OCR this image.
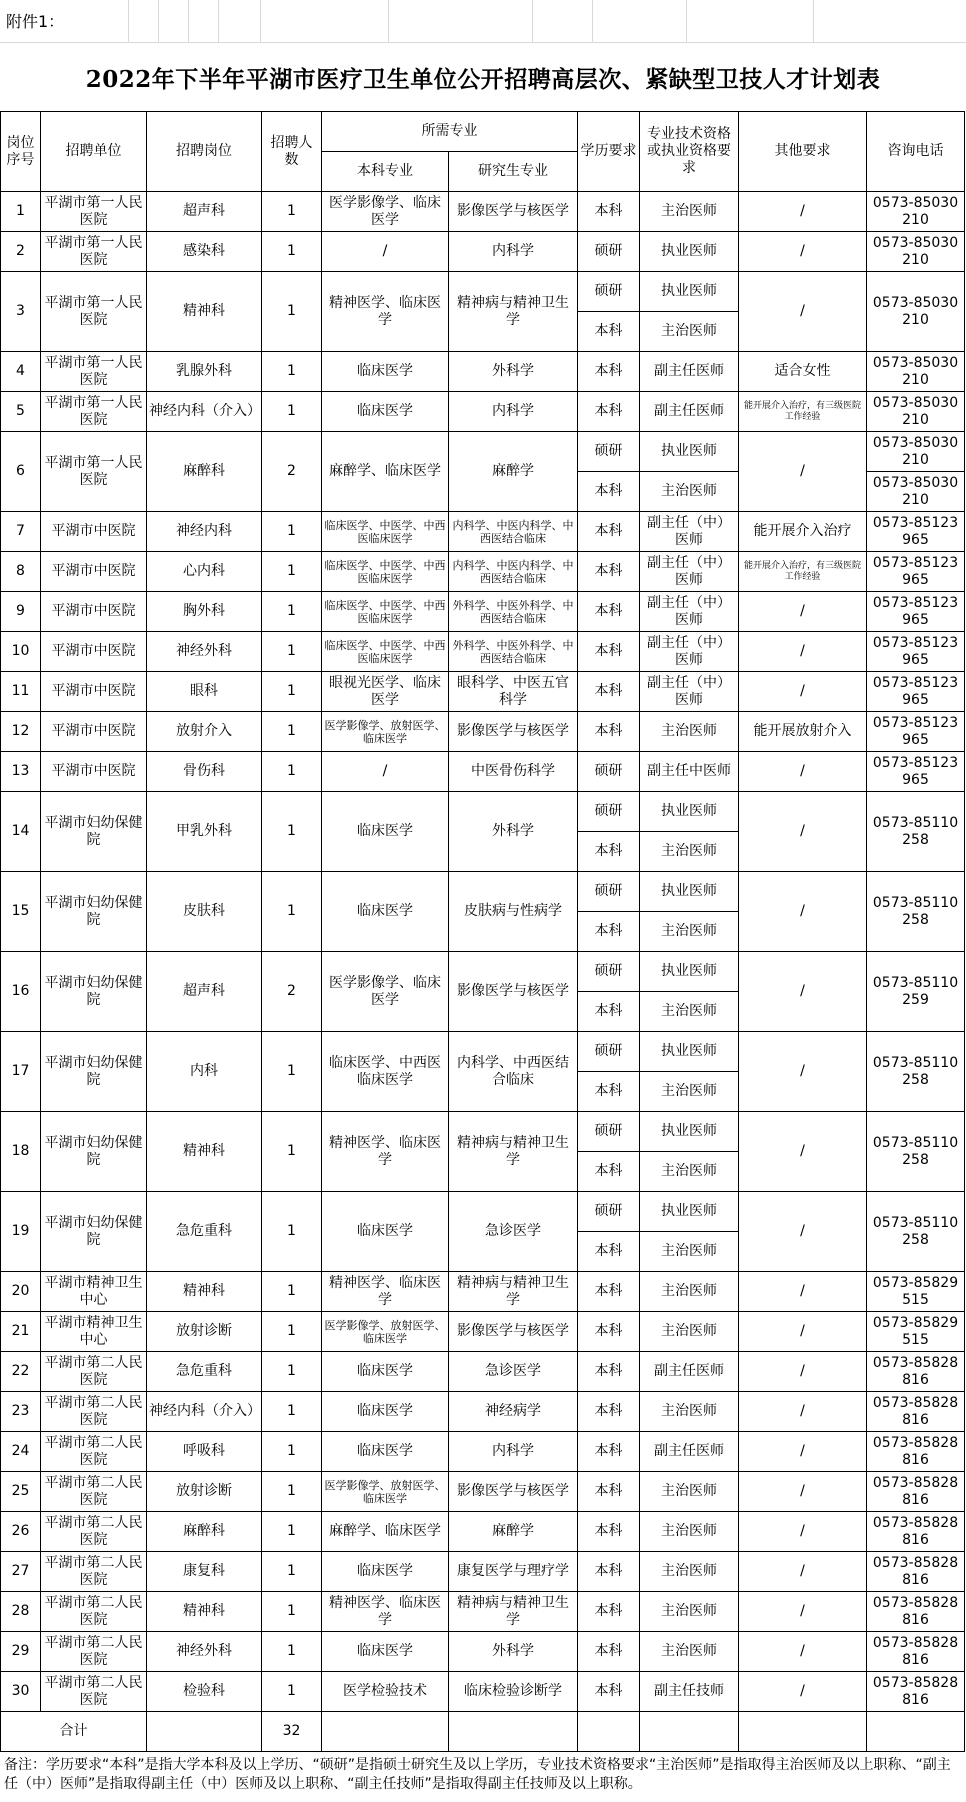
附件1：										
2022年下半年平湖市医疗卫生单位公开招聘高层次、紧缺型卫技人才计划表
岗位序号	招聘单位	招聘岗位	招聘人数	所需专业		学历要求	专业技术资格或执业资格要求	其他要求	咨询电话
				本科专业	研究生专业				
1	平湖市第一人民医院	超声科	1	医学影像学、临床医学	影像医学与核医学	本科	主治医师	/	0573-85030210
2	平湖市第一人民医院	感染科	1	/	内科学	硕研	执业医师	/	0573-85030210
3	平湖市第一人民医院	精神科	1	精神医学、临床医学	精神病与精神卫生学	硕研	执业医师	/	0573-85030210
						本科	主治医师		
4	平湖市第一人民医院	乳腺外科	1	临床医学	外科学	本科	副主任医师	适合女性	0573-85030210
5	平湖市第一人民医院	神经内科（介入）	1	临床医学	内科学	本科	副主任医师	能开展介入治疗，有三级医院工作经验	0573-85030210
6	平湖市第一人民医院	麻醉科	2	麻醉学、临床医学	麻醉学	硕研	执业医师	/	0573-85030210
						本科	主治医师		0573-85030210
7	平湖市中医院	神经内科	1	临床医学、中医学、中西医临床医学	内科学、中医内科学、中西医结合临床	本科	副主任（中）医师	能开展介入治疗	0573-85123965
8	平湖市中医院	心内科	1	临床医学、中医学、中西医临床医学	内科学、中医内科学、中西医结合临床	本科	副主任（中）医师	能开展介入治疗，有三级医院工作经验	0573-85123965
9	平湖市中医院	胸外科	1	临床医学、中医学、中西医临床医学	外科学、中医外科学、中西医结合临床	本科	副主任（中）医师	/	0573-85123965
10	平湖市中医院	神经外科	1	临床医学、中医学、中西医临床医学	外科学、中医外科学、中西医结合临床	本科	副主任（中）医师	/	0573-85123965
11	平湖市中医院	眼科	1	眼视光医学、临床医学	眼科学、中医五官科学	本科	副主任（中）医师	/	0573-85123965
12	平湖市中医院	放射介入	1	医学影像学、放射医学、临床医学	影像医学与核医学	本科	主治医师	能开展放射介入	0573-85123965
13	平湖市中医院	骨伤科	1	/	中医骨伤科学	硕研	副主任中医师	/	0573-85123965
14	平湖市妇幼保健院	甲乳外科	1	临床医学	外科学	硕研	执业医师	/	0573-85110258
						本科	主治医师		
15	平湖市妇幼保健院	皮肤科	1	临床医学	皮肤病与性病学	硕研	执业医师	/	0573-85110258
						本科	主治医师		
16	平湖市妇幼保健院	超声科	2	医学影像学、临床医学	影像医学与核医学	硕研	执业医师	/	0573-85110259
						本科	主治医师		
17	平湖市妇幼保健院	内科	1	临床医学、中西医临床医学	内科学、中西医结合临床	硕研	执业医师	/	0573-85110258
						本科	主治医师		
18	平湖市妇幼保健院	精神科	1	精神医学、临床医学	精神病与精神卫生学	硕研	执业医师	/	0573-85110258
						本科	主治医师		
19	平湖市妇幼保健院	急危重科	1	临床医学	急诊医学	硕研	执业医师	/	0573-85110258
						本科	主治医师		
20	平湖市精神卫生中心	精神科	1	精神医学、临床医学	精神病与精神卫生学	本科	主治医师	/	0573-85829515
21	平湖市精神卫生中心	放射诊断	1	医学影像学、放射医学、临床医学	影像医学与核医学	本科	主治医师	/	0573-85829515
22	平湖市第二人民医院	急危重科	1	临床医学	急诊医学	本科	副主任医师	/	0573-85828816
23	平湖市第二人民医院	神经内科（介入）	1	临床医学	神经病学	本科	主治医师	/	0573-85828816
24	平湖市第二人民医院	呼吸科	1	临床医学	内科学	本科	副主任医师	/	0573-85828816
25	平湖市第二人民医院	放射诊断	1	医学影像学、放射医学、临床医学	影像医学与核医学	本科	主治医师	/	0573-85828816
26	平湖市第二人民医院	麻醉科	1	麻醉学、临床医学	麻醉学	本科	主治医师	/	0573-85828816
27	平湖市第二人民医院	康复科	1	临床医学	康复医学与理疗学	本科	主治医师	/	0573-85828816
28	平湖市第二人民医院	精神科	1	精神医学、临床医学	精神病与精神卫生学	本科	主治医师	/	0573-85828816
29	平湖市第二人民医院	神经外科	1	临床医学	外科学	本科	主治医师	/	0573-85828816
30	平湖市第二人民医院	检验科	1	医学检验技术	临床检验诊断学	本科	副主任技师	/	0573-85828816
合计			32						
备注：学历要求“本科”是指大学本科及以上学历、“硕研”是指硕士研究生及以上学历，专业技术资格要求“主治医师”是指取得主治医师及以上职称、“副主任（中）医师”是指取得副主任（中）医师及以上职称、“副主任技师”是指取得副主任技师及以上职称。
